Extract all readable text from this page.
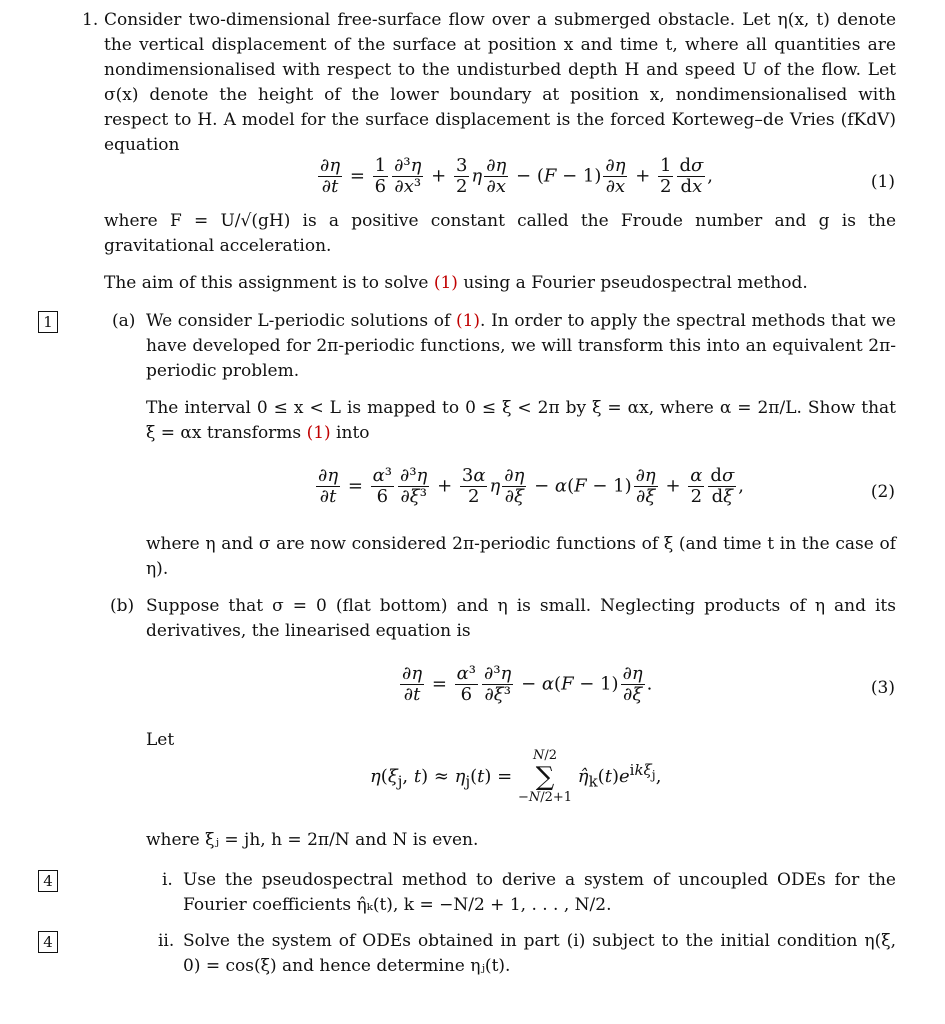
1. Consider two-dimensional free-surface flow over a submerged obstacle. Let η(x, t) denote the vertical displacement of the surface at position x and time t, where all quantities are nondimensionalised with respect to the undisturbed depth H and speed U of the flow. Let σ(x) denote the height of the lower boundary at position x, nondimensionalised with respect to H. A model for the surface displacement is the forced Korteweg–de Vries (fKdV) equation

$\frac{\partial\eta}{\partial t} = \frac{1}{6} \frac{\text{∂³η}}{\text{∂x³}} + \frac{3}{2}$ η $\frac{\partial\eta}{\partial x} - (F - 1) \frac{\partial\eta}{\partial x} + \frac{1}{2} \frac{d\sigma}{dx}$ ,	(1)

where F = U/√(gH) is a positive constant called the Froude number and g is the gravitational acceleration.

The aim of this assignment is to solve (1) using a Fourier pseudospectral method.
1	(a) We consider L-periodic solutions of (1). In order to apply the spectral methods that we have developed for 2π-periodic functions, we will transform this into an equivalent 2π-periodic problem.

The interval 0 ≤ x < L is mapped to 0 ≤ ξ < 2π by ξ = αx, where α = 2π/L. Show that ξ = αx transforms (1) into

$\frac{\partial\eta}{\partial t} = \frac{\text{α³}}{6} \frac{\text{∂³η}}{\text{∂ξ³}} + \frac{3\alpha}{2}$ η $\frac{\partial\eta}{\partial\xi} - \alpha(F - 1) \frac{\partial\eta}{\partial\xi} + \frac{\alpha}{2} \frac{d\sigma}{d\xi}$ ,	(2)

where η and σ are now considered 2π-periodic functions of ξ (and time t in the case of η).

(b) Suppose that σ = 0 (flat bottom) and η is small. Neglecting products of η and its derivatives, the linearised equation is

$\frac{\partial\eta}{\partial t} = \frac{\text{α³}}{6} \frac{\text{∂³η}}{\text{∂ξ³}} - \alpha(F - 1) \frac{\partial\eta}{\partial\xi}$ .	(3)
Let
$\eta(\xi_j$, $t) \approx \eta_j(t)$ =
N/2
∑
−N/2+1
$\etâ_k(t)e^{ik\xi_j}$,

where ξⱼ = jh, h = 2π/N and N is even.

4	i. Use the pseudospectral method to derive a system of uncoupled ODEs for the Fourier coefficients η̂ₖ(t), k = −N/2 + 1, . . . , N/2.

4	ii. Solve the system of ODEs obtained in part (i) subject to the initial condition η(ξ, 0) = cos(ξ) and hence determine ηⱼ(t).
